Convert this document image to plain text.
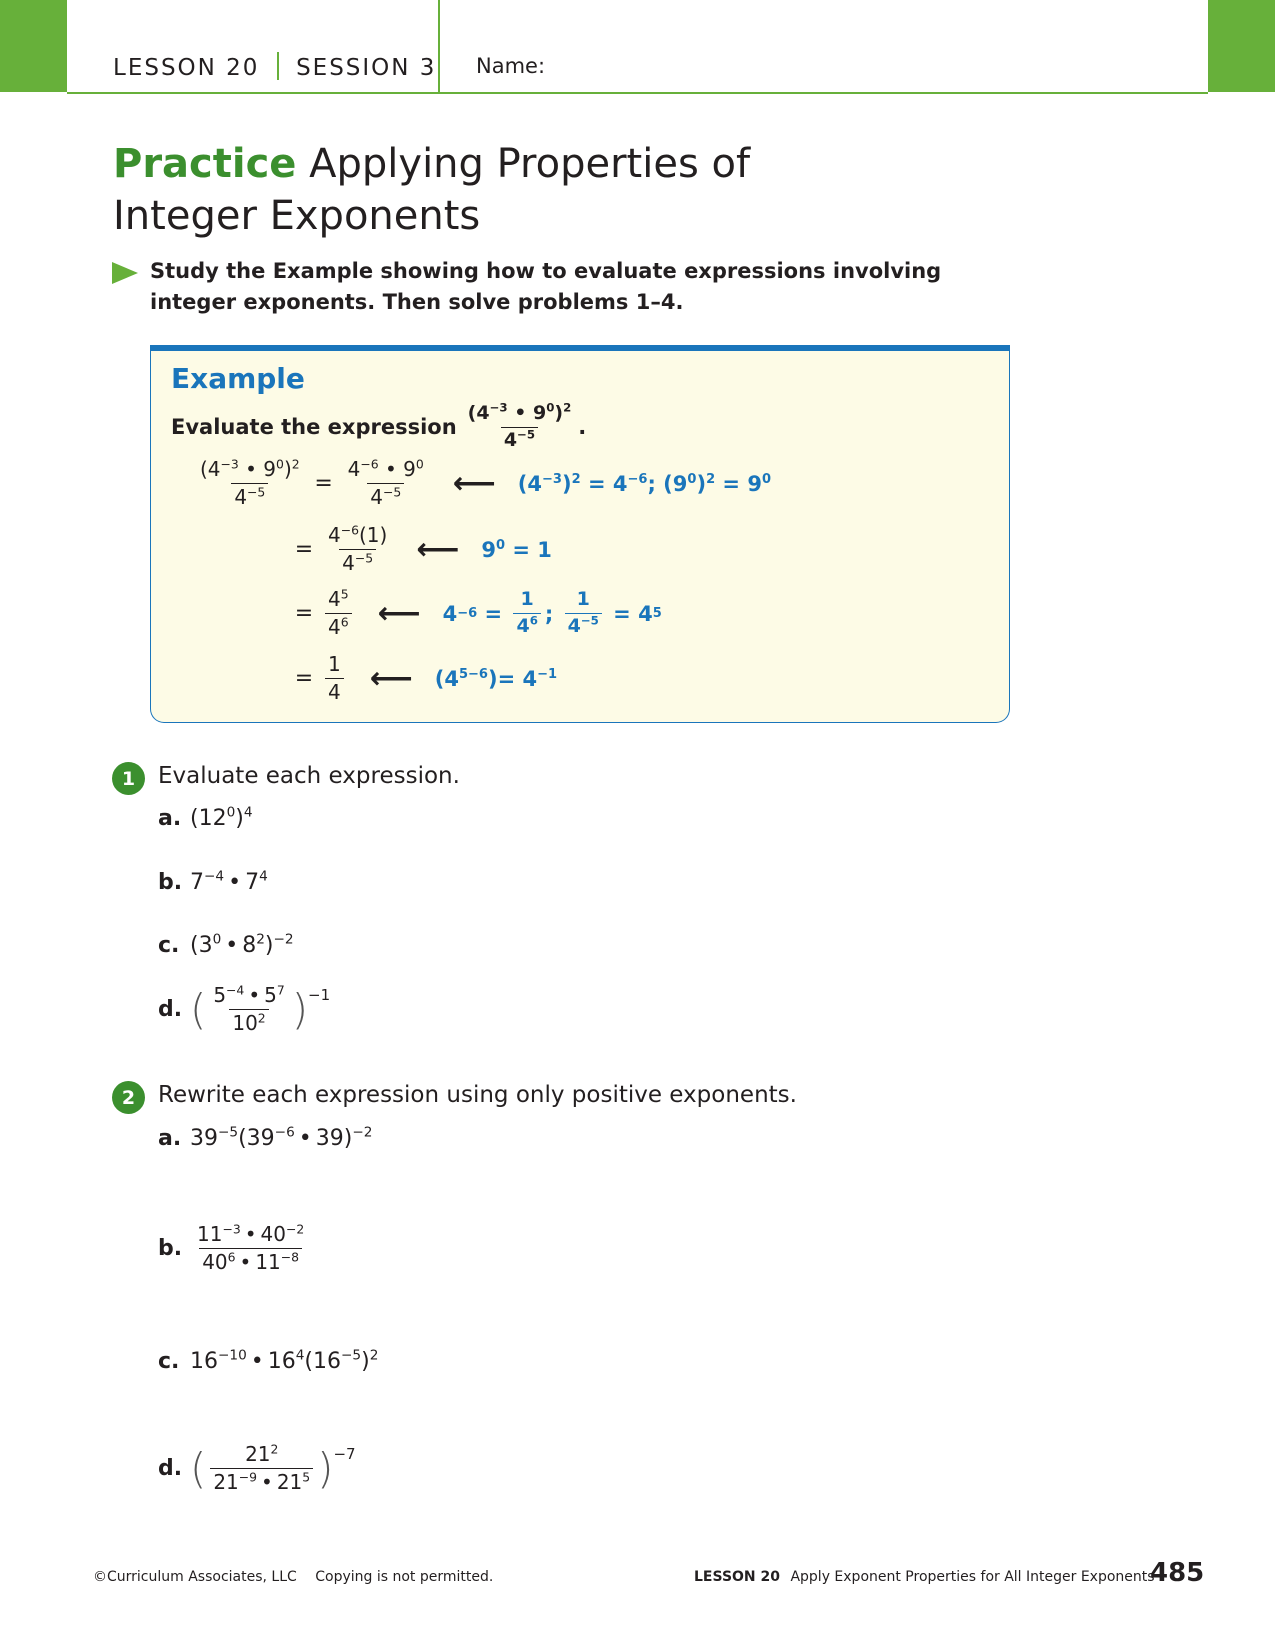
LESSON 20 SESSION 3 Name:
Practice Applying Properties of
Integer Exponents
Study the Example showing how to evaluate expressions involving
integer exponents. Then solve problems 1–4.
Example
Evaluate the expression $\frac{(4^{-3} • 9^0)^2}{4^{-5}}$ .
$\frac{(4^{-3} • 9^0)^2}{4^{-5}} = \frac{4^{-6} • 9^0}{4^{-5}}$ ⟵ $(4^{-3})^2 = 4^{-6}$; $(9^0)^2 = 9^0$
= $\frac{4^{-6}(1)}{4^{-5}}$ ⟵ $9^0 = 1$
= $\frac{4^5}{4^6}$ ⟵ $4 -6 = \frac{1}{4^6}$ ; $\frac{1}{4^{-5}} = 4$ 5
= $\frac{1}{4}$ ⟵ $(4^{5-6})= 4^{-1}$
1 Evaluate each expression.
a. $(12^0)^4$
b. $7^{-4}$ • $7^4$
c. ($3^0$ • $8^2)^{-2}$
d. ( $\frac{5^{-4} • 5^7}{10^2}$ ) −1
2 Rewrite each expression using only positive exponents.
a. $39^{-5}(39^{-6}$ • 39)$^{-2}$
b. $\frac{11^{-3} • 40^{-2}}{40^6 • 11^{-8}}$
c. $16^{-10}$ • $16^4(16^{-5})^2$
d. ( $\frac{21^2}{21^{-9} • 21^5}$ ) −7
©Curriculum Associates, LLC Copying is not permitted.	LESSON 20 Apply Exponent Properties for All Integer Exponents
485
